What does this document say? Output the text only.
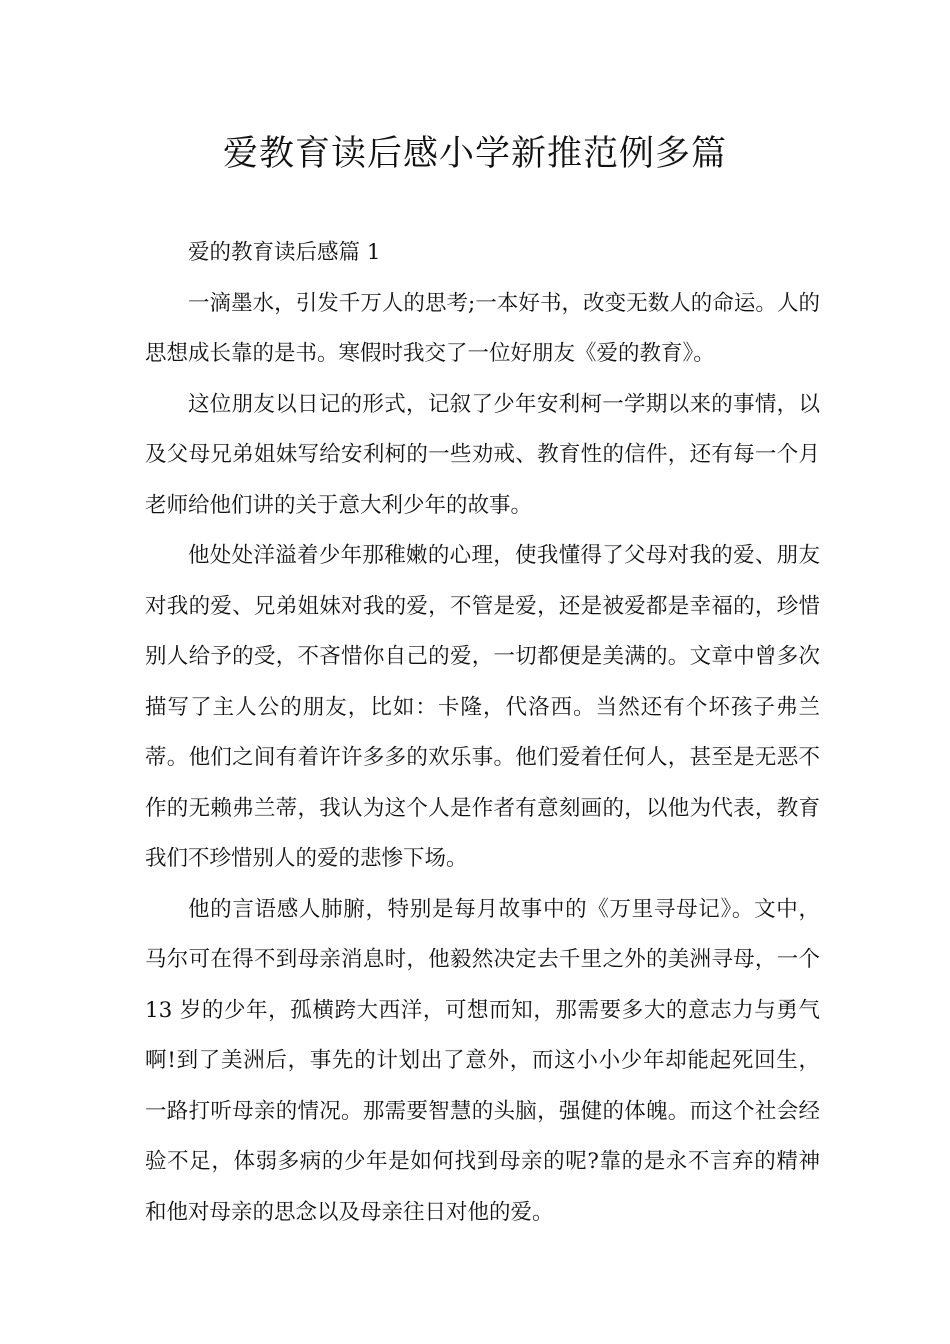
爱教育读后感小学新推范例多篇

爱的教育读后感篇 1

一滴墨水，引发千万人的思考;一本好书，改变无数人的命运。人的思想成长靠的是书。寒假时我交了一位好朋友《爱的教育》。

这位朋友以日记的形式，记叙了少年安利柯一学期以来的事情，以及父母兄弟姐妹写给安利柯的一些劝戒、教育性的信件，还有每一个月老师给他们讲的关于意大利少年的故事。

他处处洋溢着少年那稚嫩的心理，使我懂得了父母对我的爱、朋友对我的爱、兄弟姐妹对我的爱，不管是爱，还是被爱都是幸福的，珍惜别人给予的受，不吝惜你自己的爱，一切都便是美满的。文章中曾多次描写了主人公的朋友，比如：卡隆，代洛西。当然还有个坏孩子弗兰蒂。他们之间有着许许多多的欢乐事。他们爱着任何人，甚至是无恶不作的无赖弗兰蒂，我认为这个人是作者有意刻画的，以他为代表，教育我们不珍惜别人的爱的悲惨下场。

他的言语感人肺腑，特别是每月故事中的《万里寻母记》。文中，马尔可在得不到母亲消息时，他毅然决定去千里之外的美洲寻母，一个 13 岁的少年，孤横跨大西洋，可想而知，那需要多大的意志力与勇气啊!到了美洲后，事先的计划出了意外，而这小小少年却能起死回生，一路打听母亲的情况。那需要智慧的头脑，强健的体魄。而这个社会经验不足，体弱多病的少年是如何找到母亲的呢?靠的是永不言弃的精神和他对母亲的思念以及母亲往日对他的爱。
